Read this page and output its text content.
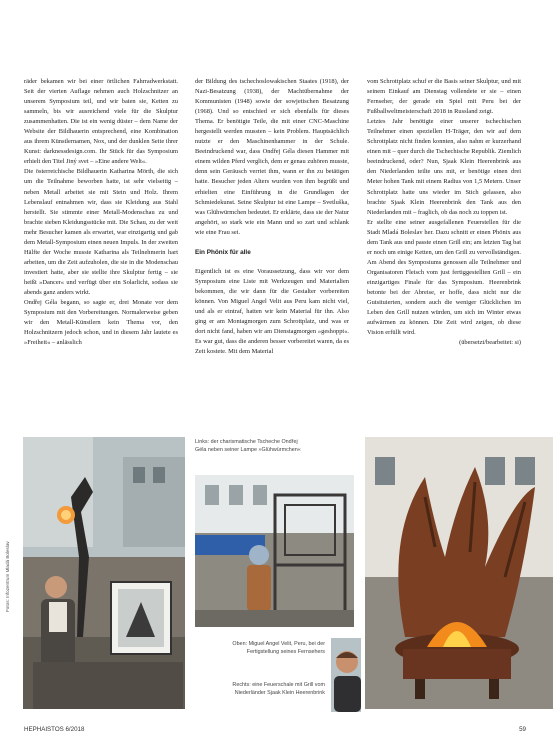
räder bekamen wir bei einer örtlichen Fahrradwerkstatt. Seit der vierten Auflage nehmen auch Holzschnitzer an unserem Symposium teil, und wir baten sie, Ketten zu sammeln, bis wir ausreichend viele für die Skulptur zusammenhatten. Die ist ein wenig düster – dem Name der Website der Bildhauerin entsprechend, eine Kombination aus ihrem Künstlernamen, Nox, und der dunklen Seite ihrer Kunst: darknessdesign.com. Ihr Stück für das Symposium erhielt den Titel Jiný svet – »Eine andere Welt«.

Die österreichische Bildhauerin Katharina Mörth, die sich um die Teilnahme beworben hatte, ist sehr vielseitig – neben Metall arbeitet sie mit Stein und Holz. Ihrem Lebenslauf entnahmen wir, dass sie Kleidung aus Stahl herstellt. Sie stimmte einer Metall-Modenschau zu und brachte sieben Kleidungsstücke mit. Die Schau, zu der weit mehr Besucher kamen als erwartet, war einzigartig und gab dem Metall-Symposium einen neuen Impuls. In der zweiten Hälfte der Woche musste Katharina als Teilnehmerin hart arbeiten, um die Zeit aufzuholen, die sie in die Modenschau investiert hatte, aber sie stellte ihre Skulptur fertig – sie heißt »Dancer« und verfügt über ein Solarlicht, sodass sie abends ganz anders wirkt.

Ondřej Géla begann, so sagte er, drei Monate vor dem Symposium mit den Vorbereitungen. Normalerweise geben wir den Metall-Künstlern kein Thema vor, den Holzschnitzern jedoch schon, und in diesem Jahr lautete es »Freiheit« – anlässlich

der Bildung des tschechoslowakischen Staates (1918), der Nazi-Besatzung (1938), der Machtübernahme der Kommunisten (1948) sowie der sowjetischen Besatzung (1968). Und so entschied er sich ebenfalls für dieses Thema. Er benötigte Teile, die mit einer CNC-Maschine hergestellt werden mussten – kein Problem. Hauptsächlich nutzte er den Maschinenhammer in der Schule. Beeindruckend war, dass Ondřej Géla diesen Hammer mit einem wilden Pferd verglich, dem er genau zuhören musste, denn sein Geräusch verriet ihm, wann er ihn zu betätigen hatte. Besucher jeden Alters wurden von ihm begrüßt und erhielten eine Einführung in die Grundlagen der Schmiedekunst. Seine Skulptur ist eine Lampe – Svetluška, was Glühwürmchen bedeutet. Er erklärte, dass sie der Natur angehört, so stark wie ein Mann und so zart und schlank wie eine Frau sei.

Ein Phönix für alle

Eigentlich ist es eine Voraussetzung, dass wir vor dem Symposium eine Liste mit Werkzeugen und Materialien bekommen, die wir dann für die Gestalter vorbereiten können. Von Miguel Angel Velit aus Peru kam nicht viel, und als er eintraf, hatten wir kein Material für ihn. Also ging er am Montagmorgen zum Schrottplatz, und was er dort nicht fand, haben wir am Dienstagmorgen »geshoppt«. Es war gut, dass die anderen besser vorbereitet waren, da es Zeit kostete. Mit dem Material

vom Schrottplatz schuf er die Basis seiner Skulptur, und mit seinem Einkauf am Dienstag vollendete er sie – einen Fernseher, der gerade ein Spiel mit Peru bei der Fußballweltmeisterschaft 2018 in Russland zeigt.

Letztes Jahr benötigte einer unserer tschechischen Teilnehmer einen speziellen H-Träger, den wir auf dem Schrottplatz nicht finden konnten, also nahm er kurzerhand einen mit – quer durch die Tschechische Republik. Ziemlich beeindruckend, oder? Nun, Sjaak Klein Heerenbrink aus den Niederlanden teilte uns mit, er benötige einen drei Meter hohen Tank mit einem Radius von 1,5 Metern. Unser Schrottplatz hatte uns wieder im Stich gelassen, also brachte Sjaak Klein Heerenbrink den Tank aus den Niederlanden mit – fraglich, ob das noch zu toppen ist.

Er stellte eine seiner ausgefallenen Feuerstellen für die Stadt Mladá Boleslav her. Dazu schnitt er einen Phönix aus dem Tank aus und passte einen Grill ein; am letzten Tag bat er noch um einige Ketten, um den Grill zu vervollständigen. Am Abend des Symposiums genossen alle Teilnehmer und Organisatoren Fleisch vom just fertiggestellten Grill – ein einzigartiges Finale für das Symposium. Heerenbrink betonte bei der Abreise, er hoffe, dass nicht nur die Gutsituierten, sondern auch die weniger Glücklichen im Leben den Grill nutzen würden, um sich im Winter etwas aufwärmen zu können. Die Zeit wird zeigen, ob diese Vision erfüllt wird.

(übersetzt/bearbeitet: si)

Fotos: Infozentrum Mladá Boleslav
Links: der charismatische Tscheche Ondřej Géla neben seiner Lampe »Glühwürmchen«
Oben: Miguel Angel Velit, Peru, bei der Fertigstellung seines Fernsehers
Rechts: eine Feuerschale mit Grill vom Niederländer Sjaak Klein Heerenbrink
HEPHAISTOS 6/2018	59
